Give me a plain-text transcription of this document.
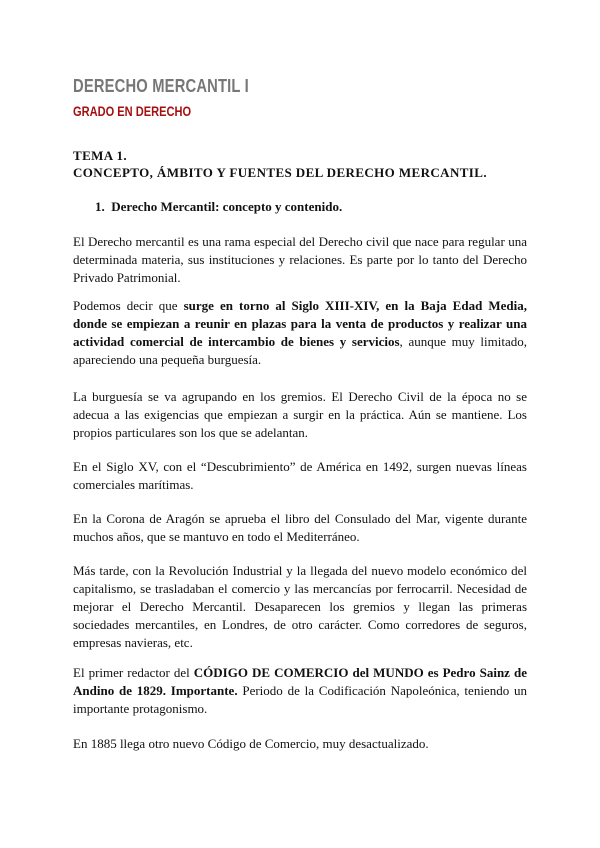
DERECHO MERCANTIL I
GRADO EN DERECHO
TEMA 1.
CONCEPTO, ÁMBITO Y FUENTES DEL DERECHO MERCANTIL.
1. Derecho Mercantil: concepto y contenido.
El Derecho mercantil es una rama especial del Derecho civil que nace para regular una determinada materia, sus instituciones y relaciones. Es parte por lo tanto del Derecho Privado Patrimonial.
Podemos decir que surge en torno al Siglo XIII-XIV, en la Baja Edad Media, donde se empiezan a reunir en plazas para la venta de productos y realizar una actividad comercial de intercambio de bienes y servicios, aunque muy limitado, apareciendo una pequeña burguesía.
La burguesía se va agrupando en los gremios. El Derecho Civil de la época no se adecua a las exigencias que empiezan a surgir en la práctica. Aún se mantiene. Los propios particulares son los que se adelantan.
En el Siglo XV, con el “Descubrimiento” de América en 1492, surgen nuevas líneas comerciales marítimas.
En la Corona de Aragón se aprueba el libro del Consulado del Mar, vigente durante muchos años, que se mantuvo en todo el Mediterráneo.
Más tarde, con la Revolución Industrial y la llegada del nuevo modelo económico del capitalismo, se trasladaban el comercio y las mercancías por ferrocarril. Necesidad de mejorar el Derecho Mercantil. Desaparecen los gremios y llegan las primeras sociedades mercantiles, en Londres, de otro carácter. Como corredores de seguros, empresas navieras, etc.
El primer redactor del CÓDIGO DE COMERCIO del MUNDO es Pedro Sainz de Andino de 1829. Importante. Periodo de la Codificación Napoleónica, teniendo un importante protagonismo.
En 1885 llega otro nuevo Código de Comercio, muy desactualizado.
